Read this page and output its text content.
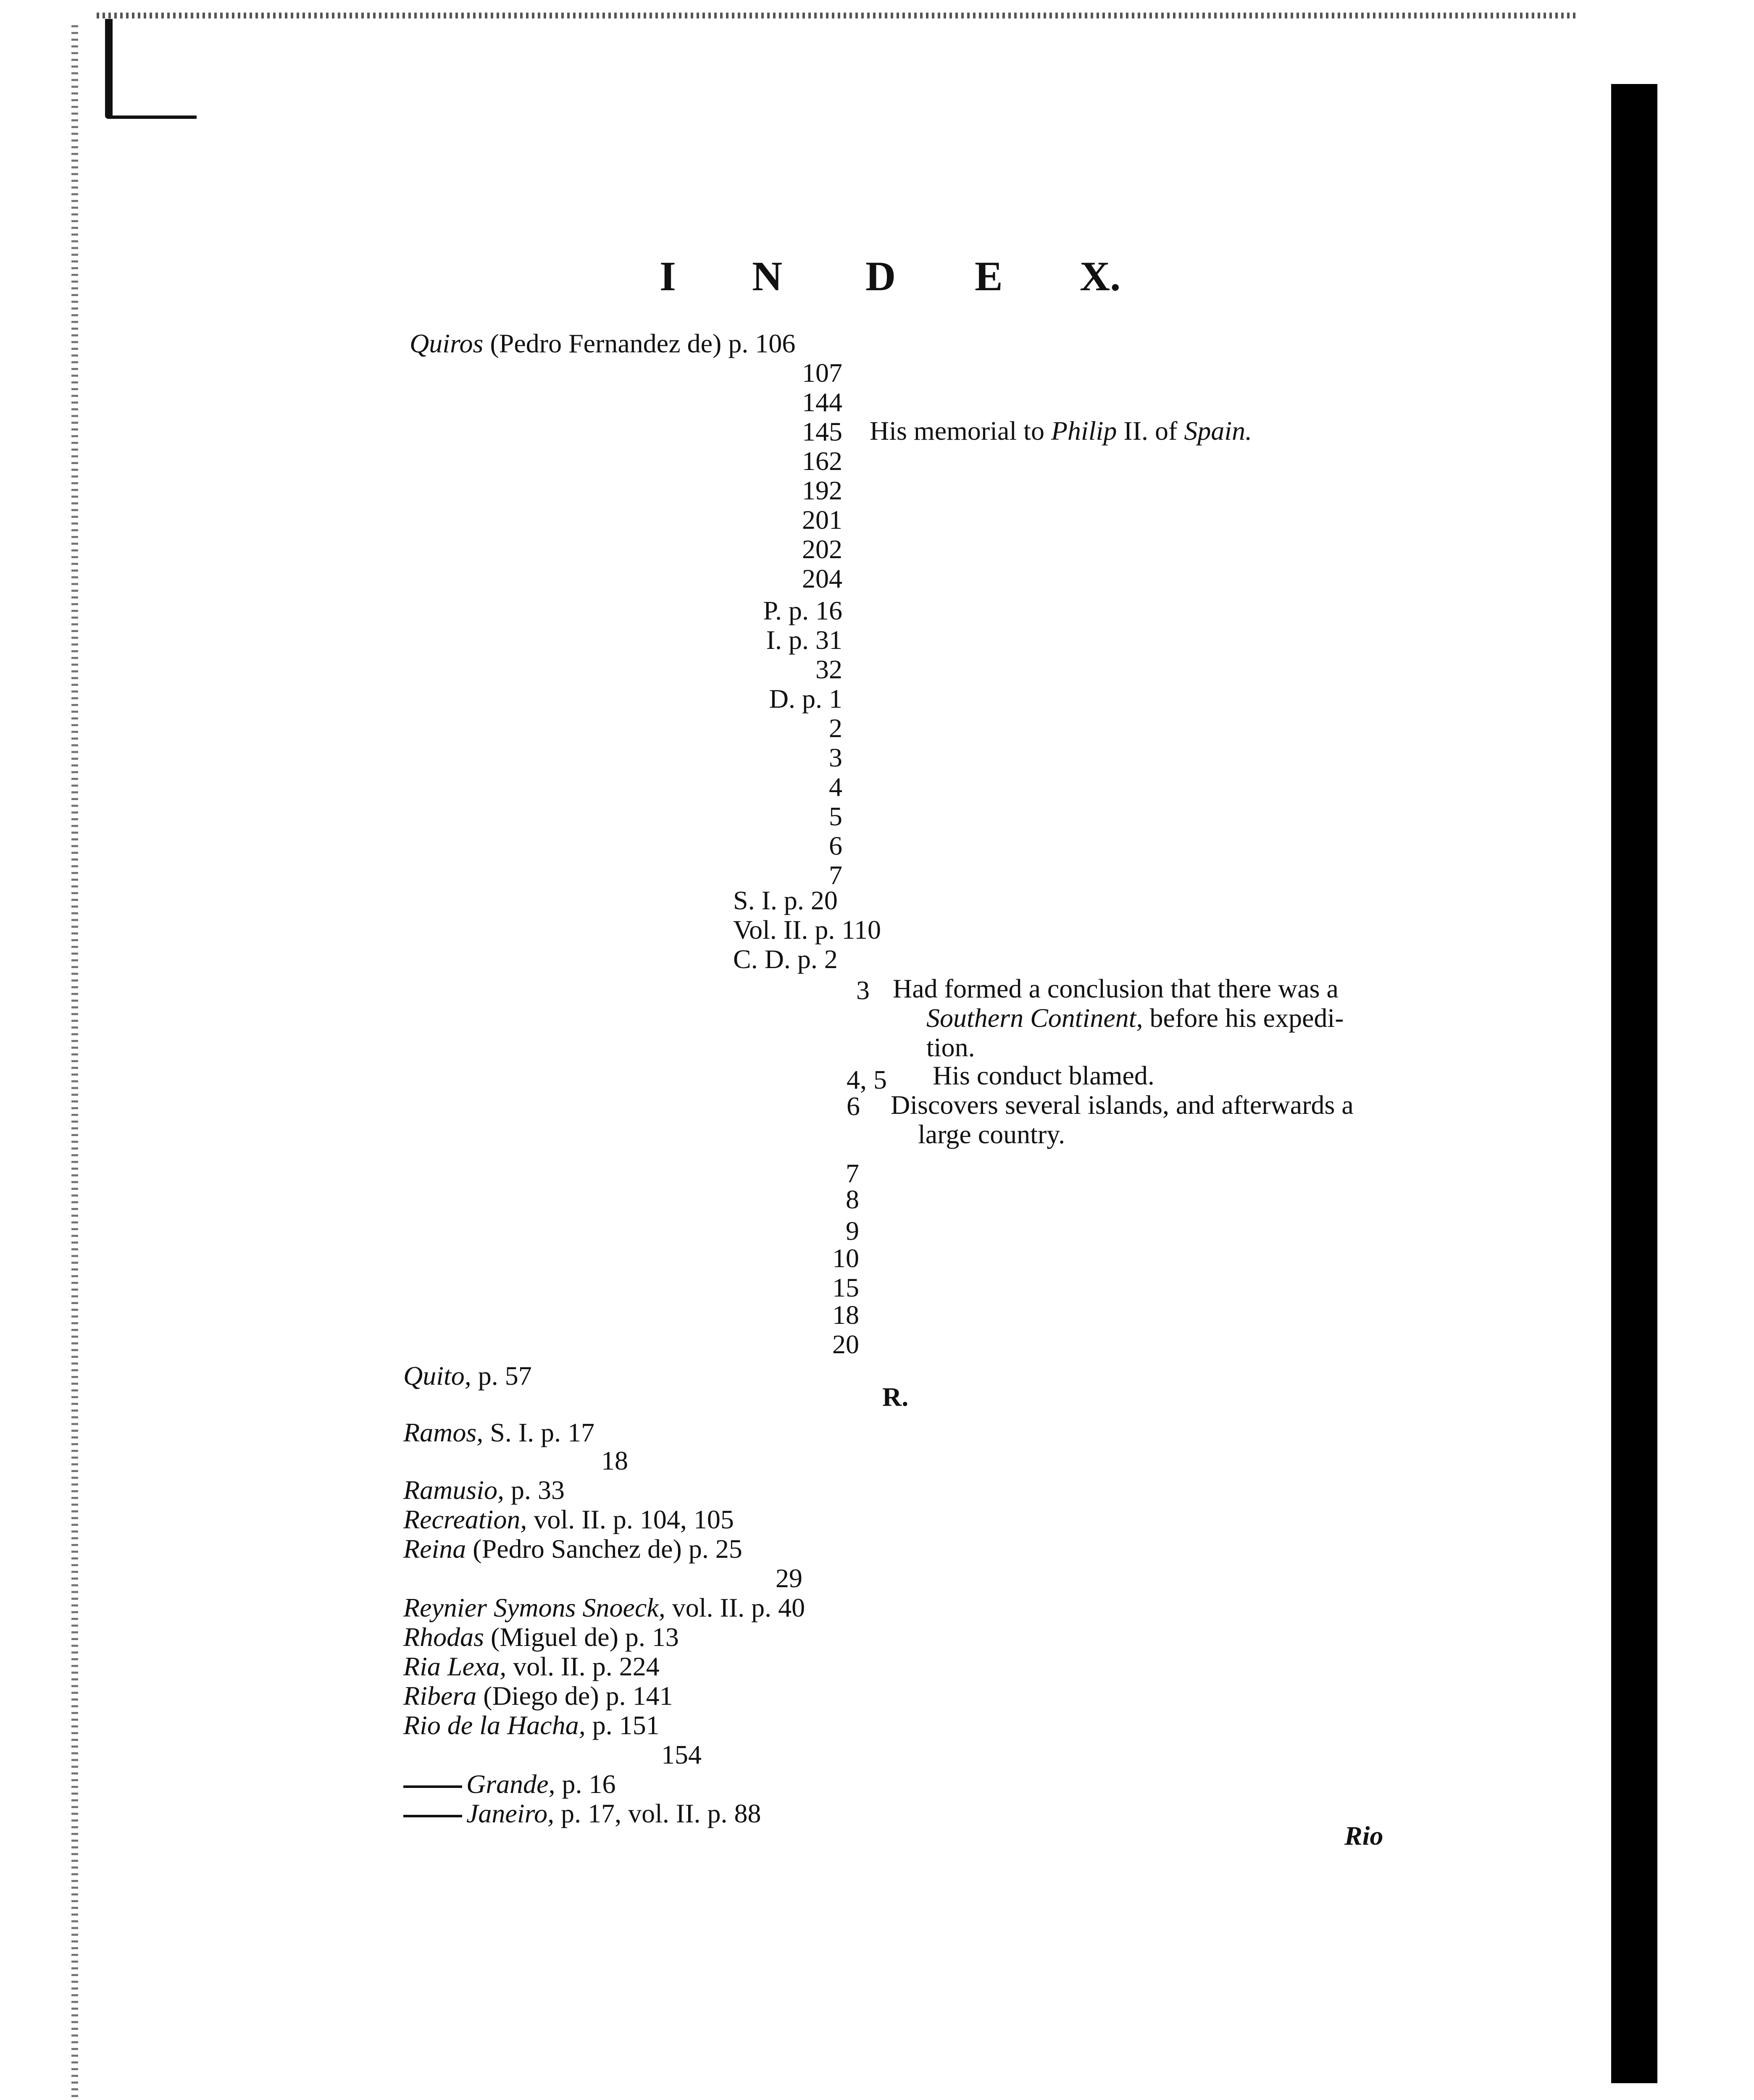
I N D E X.
Quiros (Pedro Fernandez de) p. 106
107
144
145
162
192
201
202
204
His memorial to Philip II. of Spain.
P. p. 16
I. p. 31
32
D. p. 1
2
3
4
5
6
7
S. I. p. 20
Vol. II. p. 110
C. D. p. 2
3 Had formed a conclusion that there was a
Southern Continent, before his expedi-
tion.
4, 5 His conduct blamed.
6 Discovers several islands, and afterwards a
large country.
7
8
9
10
15
18
20
Quito, p. 57
R.
Ramos, S. I. p. 17
18
Ramusio, p. 33
Recreation, vol. II. p. 104, 105
Reina (Pedro Sanchez de) p. 25
29
Reynier Symons Snoeck, vol. II. p. 40
Rhodas (Miguel de) p. 13
Ria Lexa, vol. II. p. 224
Ribera (Diego de) p. 141
Rio de la Hacha, p. 151
154
Grande, p. 16
Janeiro, p. 17, vol. II. p. 88
Rio
